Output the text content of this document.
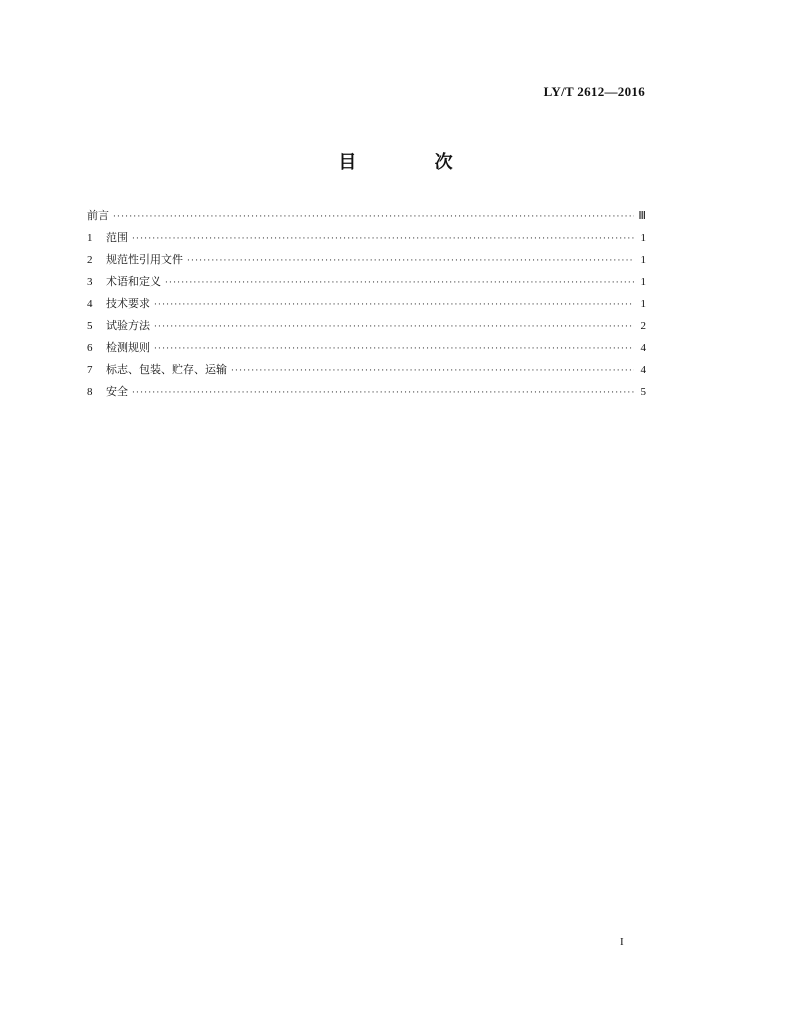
LY/T 2612—2016
目 次
前言 ·····	Ⅲ
1	范围 ·····	1
2	规范性引用文件 ·····	1
3	术语和定义 ·····	1
4	技术要求 ·····	1
5	试验方法 ·····	2
6	检测规则 ·····	4
7	标志、包装、贮存、运输 ·····	4
8	安全 ·····	5
I
